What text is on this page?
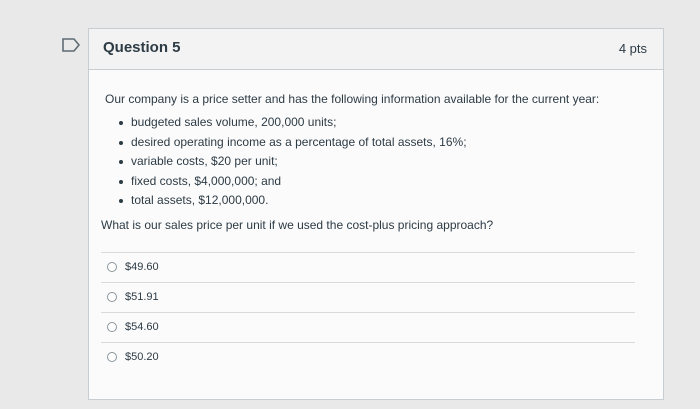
Question 5	4 pts

Our company is a price setter and has the following information available for the current year:

budgeted sales volume, 200,000 units;
desired operating income as a percentage of total assets, 16%;
variable costs, $20 per unit;
fixed costs, $4,000,000; and
total assets, $12,000,000.

What is our sales price per unit if we used the cost-plus pricing approach?

$49.60
$51.91
$54.60
$50.20
